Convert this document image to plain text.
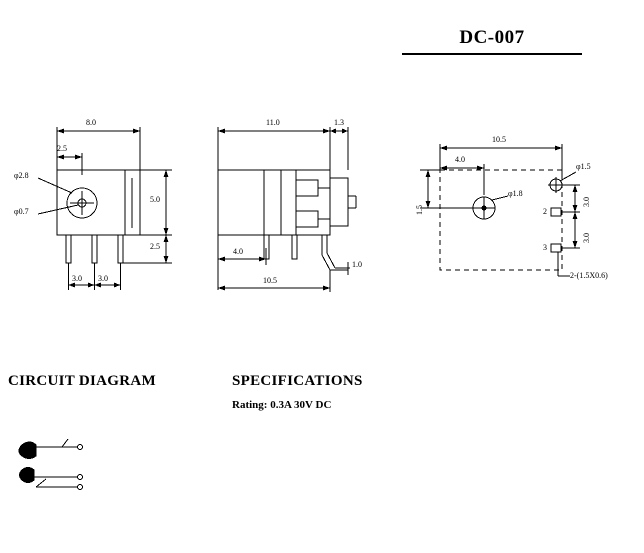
DC-007
8.0
2.5
φ2.8
φ0.7
5.0
2.5
3.0 3.0
11.0	1.3
4.0
10.5
1.0
10.5
4.0
φ1.5
φ1.8
1.5
3.0
3.0
2
3
2-(1.5X0.6)
CIRCUIT DIAGRAM	SPECIFICATIONS
Rating: 0.3A 30V DC
